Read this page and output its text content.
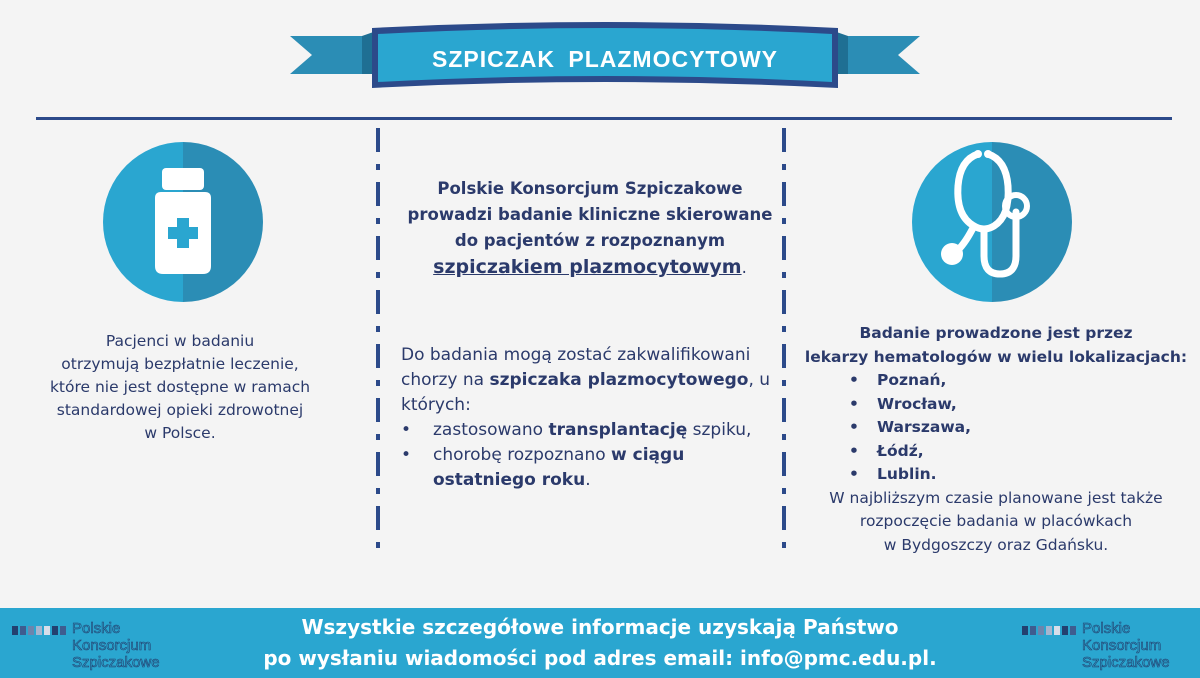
SZPICZAK PLAZMOCYTOWY
Pacjenci w badaniu
otrzymują bezpłatnie leczenie,
które nie jest dostępne w ramach
standardowej opieki zdrowotnej
w Polsce.
Polskie Konsorcjum Szpiczakowe
prowadzi badanie kliniczne skierowane
do pacjentów z rozpoznanym
szpiczakiem plazmocytowym.
Do badania mogą zostać zakwalifikowani chorzy na szpiczaka plazmocytowego, u których:
• zastosowano transplantację szpiku,
• chorobę rozpoznano w ciągu ostatniego roku.
Badanie prowadzone jest przez
lekarzy hematologów w wielu lokalizacjach:
• Poznań,
• Wrocław,
• Warszawa,
• Łódź,
• Lublin.
W najbliższym czasie planowane jest także
rozpoczęcie badania w placówkach
w Bydgoszczy oraz Gdańsku.
Wszystkie szczegółowe informacje uzyskają Państwo
po wysłaniu wiadomości pod adres email: info@pmc.edu.pl.
Polskie
Konsorcjum
Szpiczakowe
Polskie
Konsorcjum
Szpiczakowe
